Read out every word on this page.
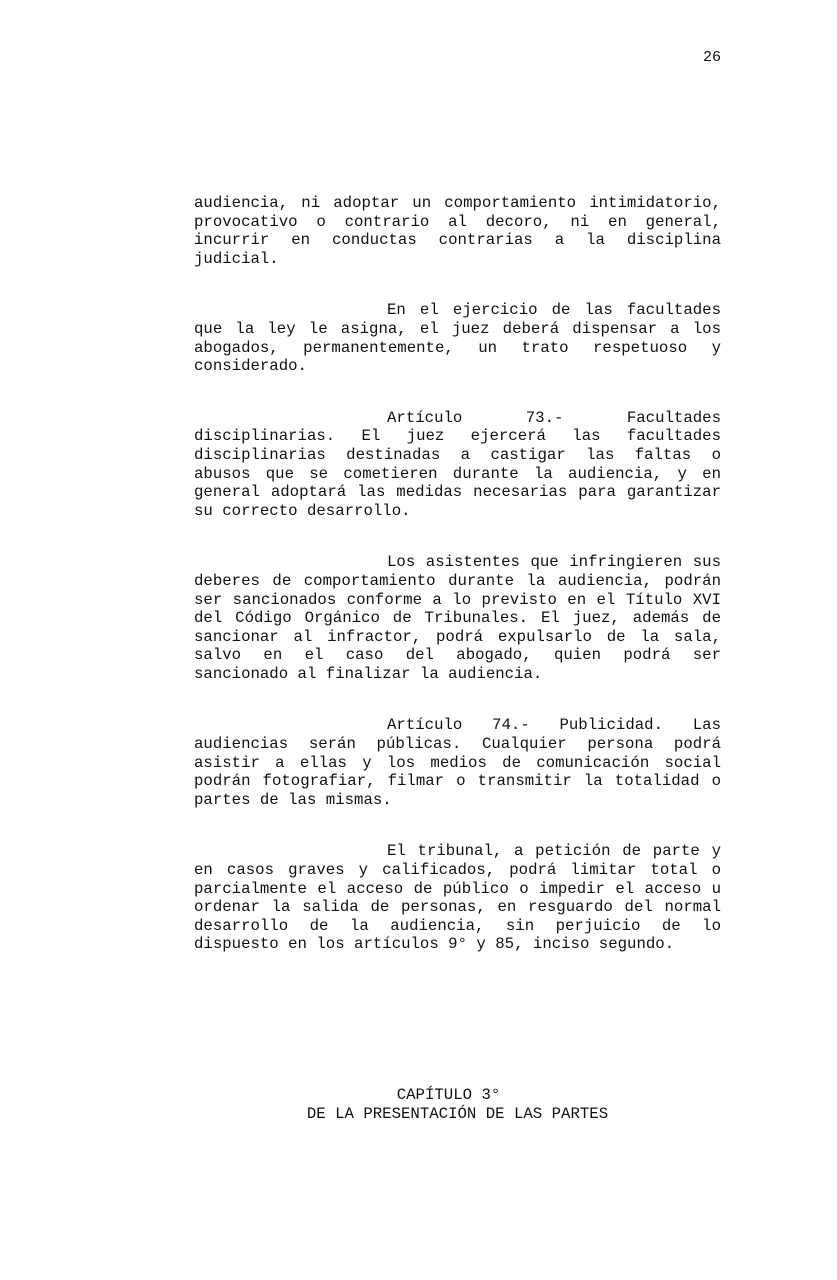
26

audiencia, ni adoptar un comportamiento intimidatorio, provocativo o contrario al decoro, ni en general, incurrir en conductas contrarias a la disciplina judicial.

En el ejercicio de las facultades que la ley le asigna, el juez deberá dispensar a los abogados, permanentemente, un trato respetuoso y considerado.

Artículo 73.- Facultades disciplinarias. El juez ejercerá las facultades disciplinarias destinadas a castigar las faltas o abusos que se cometieren durante la audiencia, y en general adoptará las medidas necesarias para garantizar su correcto desarrollo.

Los asistentes que infringieren sus deberes de comportamiento durante la audiencia, podrán ser sancionados conforme a lo previsto en el Título XVI del Código Orgánico de Tribunales. El juez, además de sancionar al infractor, podrá expulsarlo de la sala, salvo en el caso del abogado, quien podrá ser sancionado al finalizar la audiencia.

Artículo 74.- Publicidad. Las audiencias serán públicas. Cualquier persona podrá asistir a ellas y los medios de comunicación social podrán fotografiar, filmar o transmitir la totalidad o partes de las mismas.

El tribunal, a petición de parte y en casos graves y calificados, podrá limitar total o parcialmente el acceso de público o impedir el acceso u ordenar la salida de personas, en resguardo del normal desarrollo de la audiencia, sin perjuicio de lo dispuesto en los artículos 9° y 85, inciso segundo.

CAPÍTULO 3°
DE LA PRESENTACIÓN DE LAS PARTES
